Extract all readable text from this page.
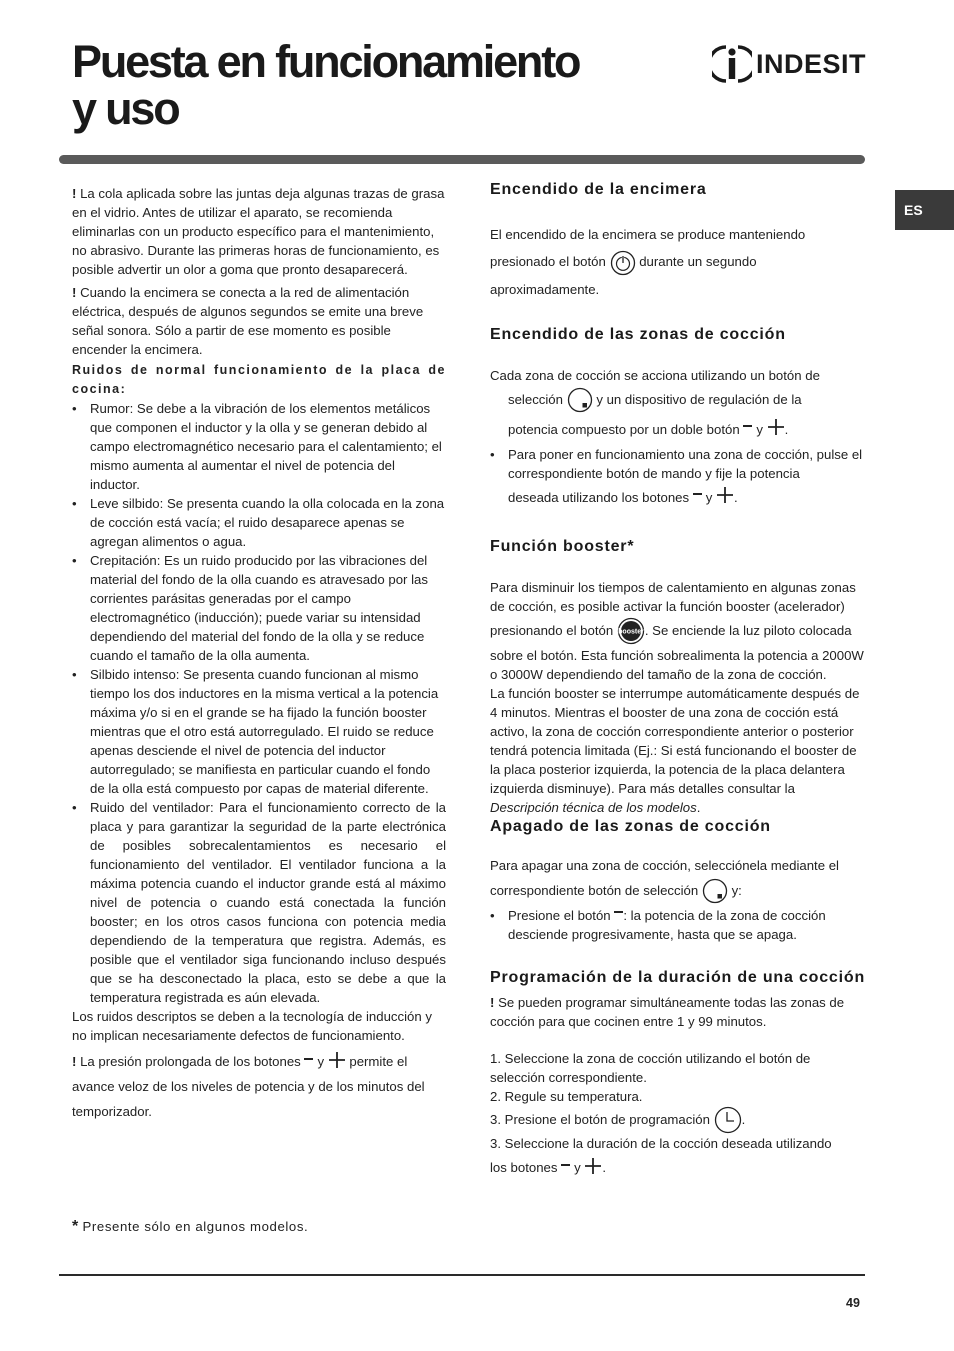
Puesta en funcionamiento
y uso
INDESIT
ES

! La cola aplicada sobre las juntas deja algunas trazas de grasa en el vidrio. Antes de utilizar el aparato, se recomienda eliminarlas con un producto específico para el mantenimiento, no abrasivo. Durante las primeras horas de funcionamiento, es posible advertir un olor a goma que pronto desaparecerá.

! Cuando la encimera se conecta a la red de alimentación eléctrica, después de algunos segundos se emite una breve señal sonora. Sólo a partir de ese momento es posible encender la encimera.

Ruidos de normal funcionamiento de la placa de cocina:

• Rumor: Se debe a la vibración de los elementos metálicos que componen el inductor y la olla y se generan debido al campo electromagnético necesario para el calentamiento; el mismo aumenta al aumentar el nivel de potencia del inductor.
• Leve silbido: Se presenta cuando la olla colocada en la zona de cocción está vacía; el ruido desaparece apenas se agregan alimentos o agua.
• Crepitación: Es un ruido producido por las vibraciones del material del fondo de la olla cuando es atravesado por las corrientes parásitas generadas por el campo electromagnético (inducción); puede variar su intensidad dependiendo del material del fondo de la olla y se reduce cuando el tamaño de la olla aumenta.
• Silbido intenso: Se presenta cuando funcionan al mismo tiempo los dos inductores en la misma vertical a la potencia máxima y/o si en el grande se ha fijado la función booster mientras que el otro está autorregulado. El ruido se reduce apenas desciende el nivel de potencia del inductor autorregulado; se manifiesta en particular cuando el fondo de la olla está compuesto por capas de material diferente.
• Ruido del ventilador: Para el funcionamiento correcto de la placa y para garantizar la seguridad de la parte electrónica de posibles sobrecalentamientos es necesario el funcionamiento del ventilador. El ventilador funciona a la máxima potencia cuando el inductor grande está al máximo nivel de potencia o cuando está conectada la función booster; en los otros casos funciona con potencia media dependiendo de la temperatura que registra. Además, es posible que el ventilador siga funcionando incluso después que se ha desconectado la placa, esto se debe a que la temperatura registrada es aún elevada.

Los ruidos descriptos se deben a la tecnología de inducción y no implican necesariamente defectos de funcionamiento.

! La presión prolongada de los botones y permite el avance veloz de los niveles de potencia y de los minutos del temporizador.

* Presente sólo en algunos modelos.

Encendido de la encimera

El encendido de la encimera se produce manteniendo presionado el botón	durante un segundo aproximadamente.

Encendido de las zonas de cocción

Cada zona de cocción se acciona utilizando un botón de

selección	y un dispositivo de regulación de la

potencia compuesto por un doble botón y .

• Para poner en funcionamiento una zona de cocción, pulse el correspondiente botón de mando y fije la potencia

deseada utilizando los botones y .

Función booster*

Para disminuir los tiempos de calentamiento en algunas zonas de cocción, es posible activar la función booster (acelerador)

presionando el botón booster . Se enciende la luz piloto colocada

sobre el botón. Esta función sobrealimenta la potencia a 2000W o 3000W dependiendo del tamaño de la zona de cocción.

La función booster se interrumpe automáticamente después de 4 minutos. Mientras el booster de una zona de cocción está activo, la zona de cocción correspondiente anterior o posterior tendrá potencia limitada (Ej.: Si está funcionando el booster de la placa posterior izquierda, la potencia de la placa delantera izquierda disminuye). Para más detalles consultar la Descripción técnica de los modelos.

Apagado de las zonas de cocción

Para apagar una zona de cocción, selecciónela mediante el

correspondiente botón de selección	y:

• Presione el botón : la potencia de la zona de cocción desciende progresivamente, hasta que se apaga.

Programación de la duración de una cocción

! Se pueden programar simultáneamente todas las zonas de cocción para que cocinen entre 1 y 99 minutos.

1. Seleccione la zona de cocción utilizando el botón de selección correspondiente.

2. Regule su temperatura.

3. Presione el botón de programación .

3. Seleccione la duración de la cocción deseada utilizando

los botones y .

49
